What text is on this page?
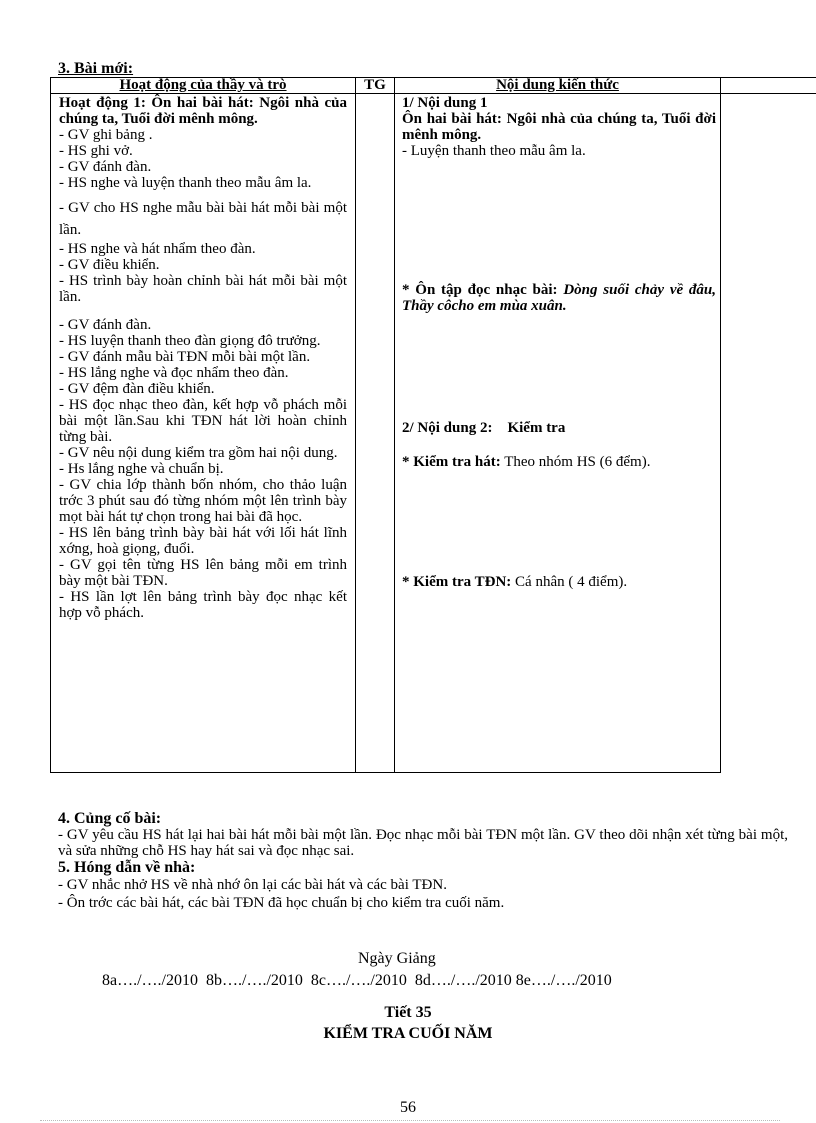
3. Bài mới:
Hoạt động của thầy và trò	TG	Nội dung kiến thức

Hoạt động 1: Ôn hai bài hát: Ngôi nhà của chúng ta, Tuổi đời mênh mông.

- GV ghi bảng .

- HS ghi vở.

- GV đánh đàn.

- HS nghe và luyện thanh theo mẫu âm la.

- GV cho HS nghe mẫu bài bài hát mỗi bài một lần.

- HS nghe và hát nhẩm theo đàn.

- GV điều khiển.

- HS trình bày hoàn chỉnh bài hát mỗi bài một lần.

- GV đánh đàn.

- HS luyện thanh theo đàn giọng đô trưởng.

- GV đánh mẫu bài TĐN mỗi bài một lần.

- HS lắng nghe và đọc nhẩm theo đàn.

- GV đệm đàn điều khiển.

- HS đọc nhạc theo đàn, kết hợp vỗ phách mỗi bài một lần.Sau khi TĐN hát lời hoàn chỉnh từng bài.

- GV nêu nội dung kiểm tra gồm hai nội dung.

- Hs lắng nghe và chuẩn bị.

- GV chia lớp thành bốn nhóm, cho thảo luận trớc 3 phút sau đó từng nhóm một lên trình bày mọt bài hát tự chọn trong hai bài đã học.

- HS lên bảng trình bày bài hát với lối hát lĩnh xớng, hoà giọng, đuổi.

- GV gọi tên từng HS lên bảng mỗi em trình bày một bài TĐN.

- HS lần lợt lên bảng trình bày đọc nhạc kết hợp vỗ phách.

1/ Nội dung 1
Ôn hai bài hát: Ngôi nhà của chúng ta, Tuổi đời mênh mông.
- Luyện thanh theo mẫu âm la.
* Ôn tập đọc nhạc bài: Dòng suối chảy về đâu, Thầy côcho em mùa xuân.
2/ Nội dung 2: Kiểm tra
* Kiểm tra hát: Theo nhóm HS (6 đểm).
* Kiểm tra TĐN: Cá nhân ( 4 điểm).
4. Củng cố bài:
- GV yêu cầu HS hát lại hai bài hát mỗi bài một lần. Đọc nhạc mỗi bài TĐN một lần. GV theo dõi nhận xét từng bài một, và sửa những chỗ HS hay hát sai và đọc nhạc sai.
5. Hóng dẫn về nhà:
- GV nhắc nhở HS về nhà nhớ ôn lại các bài hát và các bài TĐN.
- Ôn trớc các bài hát, các bài TĐN đã học chuẩn bị cho kiểm tra cuối năm.
Ngày Giảng
8a…./…./2010  8b…./…./2010  8c…./…./2010  8d…./…./2010 8e…./…./2010
Tiết 35
KIỂM TRA CUỐI NĂM
56
